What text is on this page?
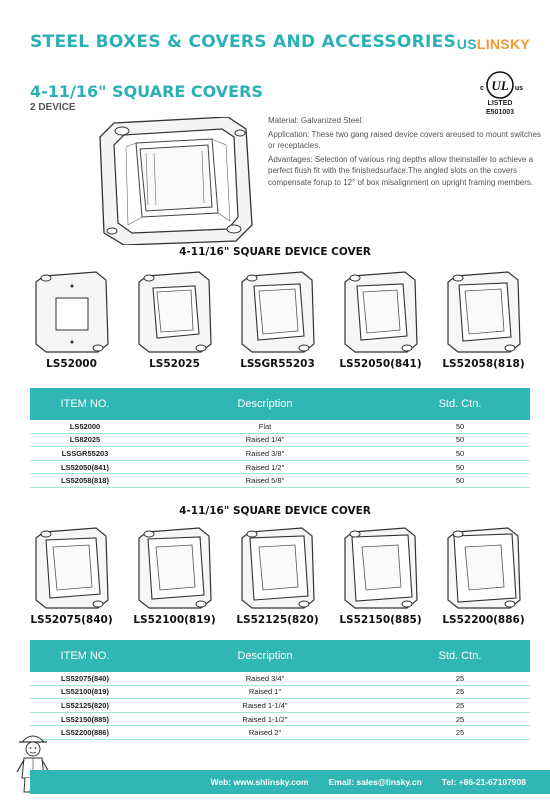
STEEL BOXES & COVERS AND ACCESSORIES USLINSKY
UL
c	us
LISTED
E501003
4-11/16" SQUARE COVERS
2 DEVICE

Material: Galvanized Steel

Application: These two gang raised device covers areused to mount switches or receptacles.

Advantages: Selection of various ring depths allow theinstaller to achieve a perfect flush fit with the finishedsurface.The angled slots on the covers compensate forup to 12° of box misalignment on upright framing members.

4-11/16" SQUARE DEVICE COVER
LS52000	LS52025	LSSGR55203 LS52050(841) LS52058(818)
ITEM NO.	Description	Std. Ctn.
LS52000	Flat	50
LS82025	Raised 1/4"	50
LSSGR55203	Raised 3/8"	50
LS52050(841)	Raised 1/2"	50
LS52058(818)	Raised 5/8"	50
4-11/16" SQUARE DEVICE COVER
LS52075(840) LS52100(819) LS52125(820) LS52150(885) LS52200(886)
ITEM NO.	Description	Std. Ctn.
LS52075(840)	Raised 3/4"	25
LS52100(819)	Raised 1"	25
LS52125(820)	Raised 1-1/4"	25
LS52150(885)	Raised 1-1/2"	25
LS52200(886)	Raised 2"	25
Web: www.shlinsky.com Email: sales@linsky.cn Tel: +86-21-67107908
